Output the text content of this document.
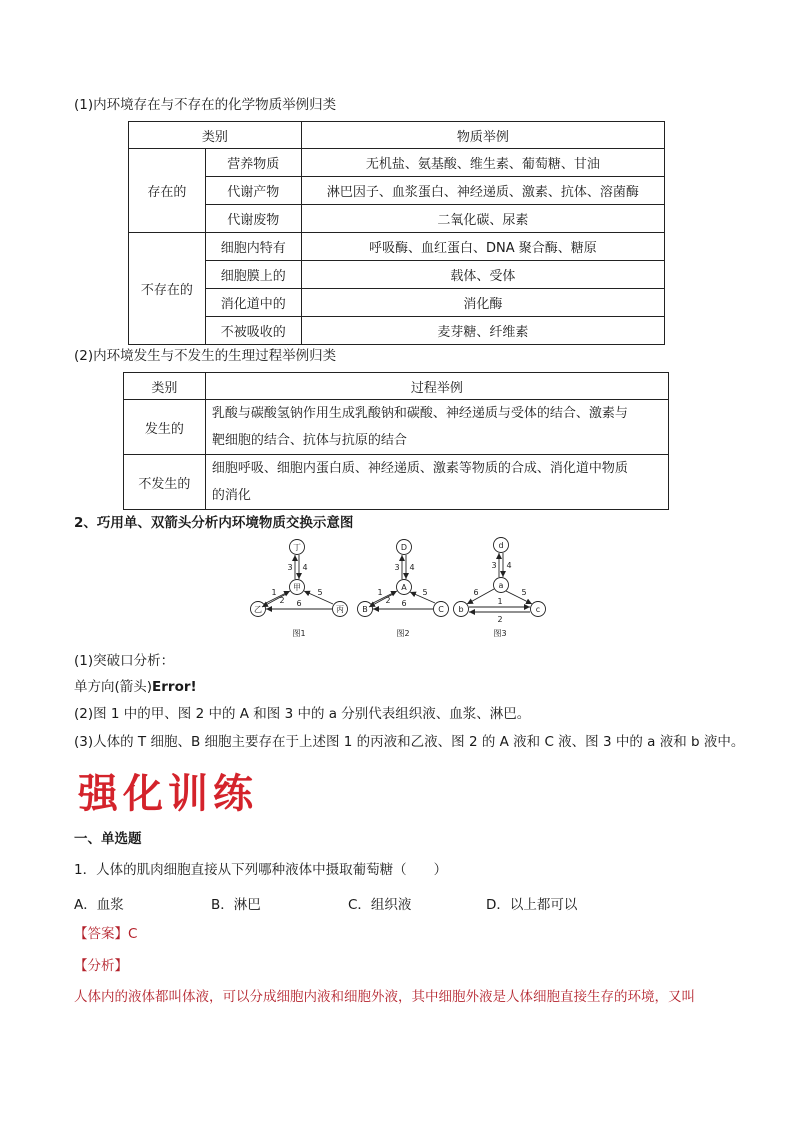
(1)内环境存在与不存在的化学物质举例归类
类别		物质举例
存在的	营养物质	无机盐、氨基酸、维生素、葡萄糖、甘油
	代谢产物	淋巴因子、血浆蛋白、神经递质、激素、抗体、溶菌酶
	代谢废物	二氧化碳、尿素
不存在的	细胞内特有	呼吸酶、血红蛋白、DNA 聚合酶、糖原
	细胞膜上的	载体、受体
	消化道中的	消化酶
	不被吸收的	麦芽糖、纤维素
(2)内环境发生与不发生的生理过程举例归类
类别	过程举例
发生的	乳酸与碳酸氢钠作用生成乳酸钠和碳酸、神经递质与受体的结合、激素与
靶细胞的结合、抗体与抗原的结合

不发生的	细胞呼吸、细胞内蛋白质、神经递质、激素等物质的合成、消化道中物质
的消化
2、巧用单、双箭头分析内环境物质交换示意图
丁
甲
乙	丙
3 4
1
2
5
6
图1
D
A
B	C
3 4
1
2
5
6
图2
d
a
b	c
3 4
6	5
1
2
图3
(1)突破口分析：
单方向(箭头)Error!
(2)图 1 中的甲、图 2 中的 A 和图 3 中的 a 分别代表组织液、血浆、淋巴。
(3)人体的 T 细胞、B 细胞主要存在于上述图 1 的丙液和乙液、图 2 的 A 液和 C 液、图 3 中的 a 液和 b 液中。
强化训练
一、单选题
1．人体的肌肉细胞直接从下列哪种液体中摄取葡萄糖（　　）
A．血浆	B．淋巴	C．组织液	D．以上都可以
【答案】C
【分析】
人体内的液体都叫体液，可以分成细胞内液和细胞外液，其中细胞外液是人体细胞直接生存的环境，又叫
